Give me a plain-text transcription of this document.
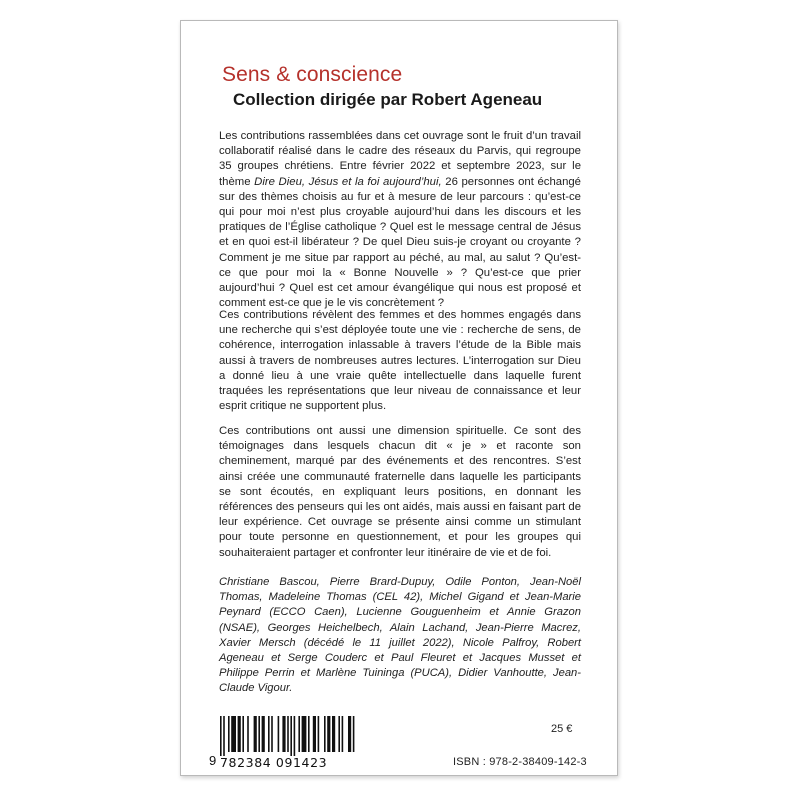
Sens & conscience
Collection dirigée par Robert Ageneau

Les contributions rassemblées dans cet ouvrage sont le fruit d’un travail collaboratif réalisé dans le cadre des réseaux du Parvis, qui regroupe 35 groupes chrétiens. Entre février 2022 et septembre 2023, sur le thème Dire Dieu, Jésus et la foi aujourd’hui, 26 personnes ont échangé sur des thèmes choisis au fur et à mesure de leur parcours : qu’est-ce qui pour moi n’est plus croyable aujourd’hui dans les discours et les pratiques de l’Église catholique ? Quel est le message central de Jésus et en quoi est-il libérateur ? De quel Dieu suis-je croyant ou croyante ? Comment je me situe par rapport au péché, au mal, au salut ? Qu’est-ce que pour moi la « Bonne Nouvelle » ? Qu’est-ce que prier aujourd’hui ? Quel est cet amour évangélique qui nous est proposé et comment est-ce que je le vis concrètement ?

Ces contributions révèlent des femmes et des hommes engagés dans une recherche qui s’est déployée toute une vie : recherche de sens, de cohérence, interrogation inlassable à travers l’étude de la Bible mais aussi à travers de nombreuses autres lectures. L’interrogation sur Dieu a donné lieu à une vraie quête intellectuelle dans laquelle furent traquées les représentations que leur niveau de connaissance et leur esprit critique ne supportent plus.

Ces contributions ont aussi une dimension spirituelle. Ce sont des témoignages dans lesquels chacun dit « je » et raconte son cheminement, marqué par des événements et des rencontres. S’est ainsi créée une communauté fraternelle dans laquelle les participants se sont écoutés, en expliquant leurs positions, en donnant les références des penseurs qui les ont aidés, mais aussi en faisant part de leur expérience. Cet ouvrage se présente ainsi comme un stimulant pour toute personne en questionnement, et pour les groupes qui souhaiteraient partager et confronter leur itinéraire de vie et de foi.

Christiane Bascou, Pierre Brard-Dupuy, Odile Ponton, Jean-Noël Thomas, Madeleine Thomas (CEL 42), Michel Gigand et Jean-Marie Peynard (ECCO Caen), Lucienne Gouguenheim et Annie Grazon (NSAE), Georges Heichelbech, Alain Lachand, Jean-Pierre Macrez, Xavier Mersch (décédé le 11 juillet 2022), Nicole Palfroy, Robert Ageneau et Serge Couderc et Paul Fleuret et Jacques Musset et Philippe Perrin et Marlène Tuininga (PUCA), Didier Vanhoutte, Jean-Claude Vigour.

9 782384 091423
25 €
ISBN : 978-2-38409-142-3
